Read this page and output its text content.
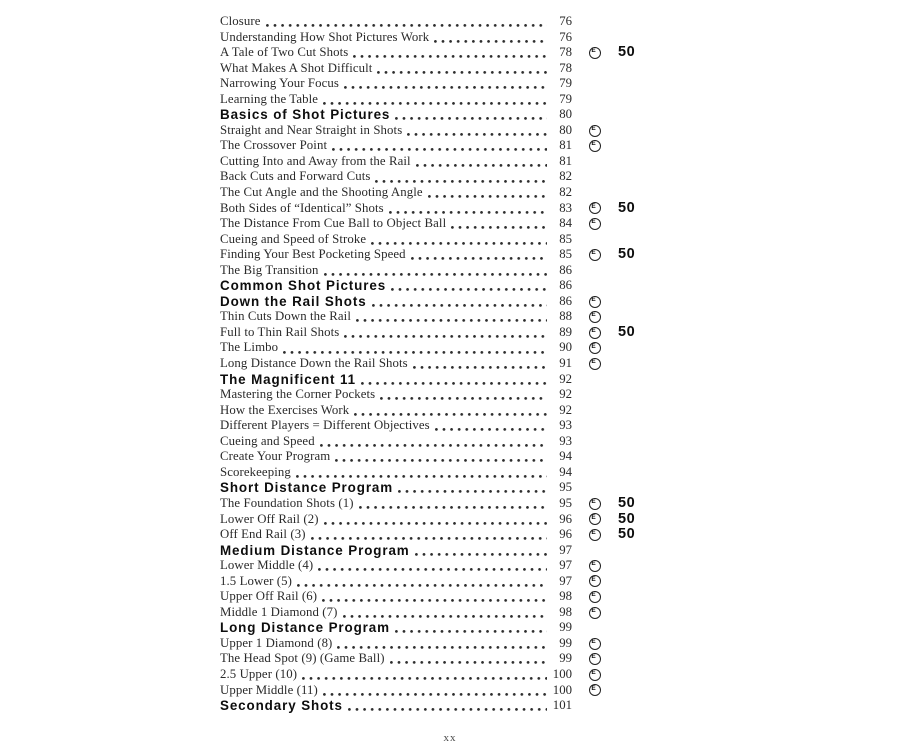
Closure	76
Understanding How Shot Pictures Work	76
A Tale of Two Cut Shots	78	E 50
What Makes A Shot Difficult	78
Narrowing Your Focus	79
Learning the Table	79
Basics of Shot Pictures	80
Straight and Near Straight in Shots	80	E
The Crossover Point	81	E
Cutting Into and Away from the Rail	81
Back Cuts and Forward Cuts	82
The Cut Angle and the Shooting Angle	82
Both Sides of “Identical” Shots	83	E 50
The Distance From Cue Ball to Object Ball	84	E
Cueing and Speed of Stroke	85
Finding Your Best Pocketing Speed	85	E 50
The Big Transition	86
Common Shot Pictures	86
Down the Rail Shots	86	E
Thin Cuts Down the Rail	88	E
Full to Thin Rail Shots	89	E 50
The Limbo	90	E
Long Distance Down the Rail Shots	91	E
The Magnificent 11	92
Mastering the Corner Pockets	92
How the Exercises Work	92
Different Players = Different Objectives	93
Cueing and Speed	93
Create Your Program	94
Scorekeeping	94
Short Distance Program	95
The Foundation Shots (1)	95	E 50
Lower Off Rail (2)	96	E 50
Off End Rail (3)	96	E 50
Medium Distance Program	97
Lower Middle (4)	97	E
1.5 Lower (5)	97	E
Upper Off Rail (6)	98	E
Middle 1 Diamond (7)	98	E
Long Distance Program	99
Upper 1 Diamond (8)	99	E
The Head Spot (9) (Game Ball)	99	E
2.5 Upper (10)	100	E
Upper Middle (11)	100	E
Secondary Shots	101
xx
